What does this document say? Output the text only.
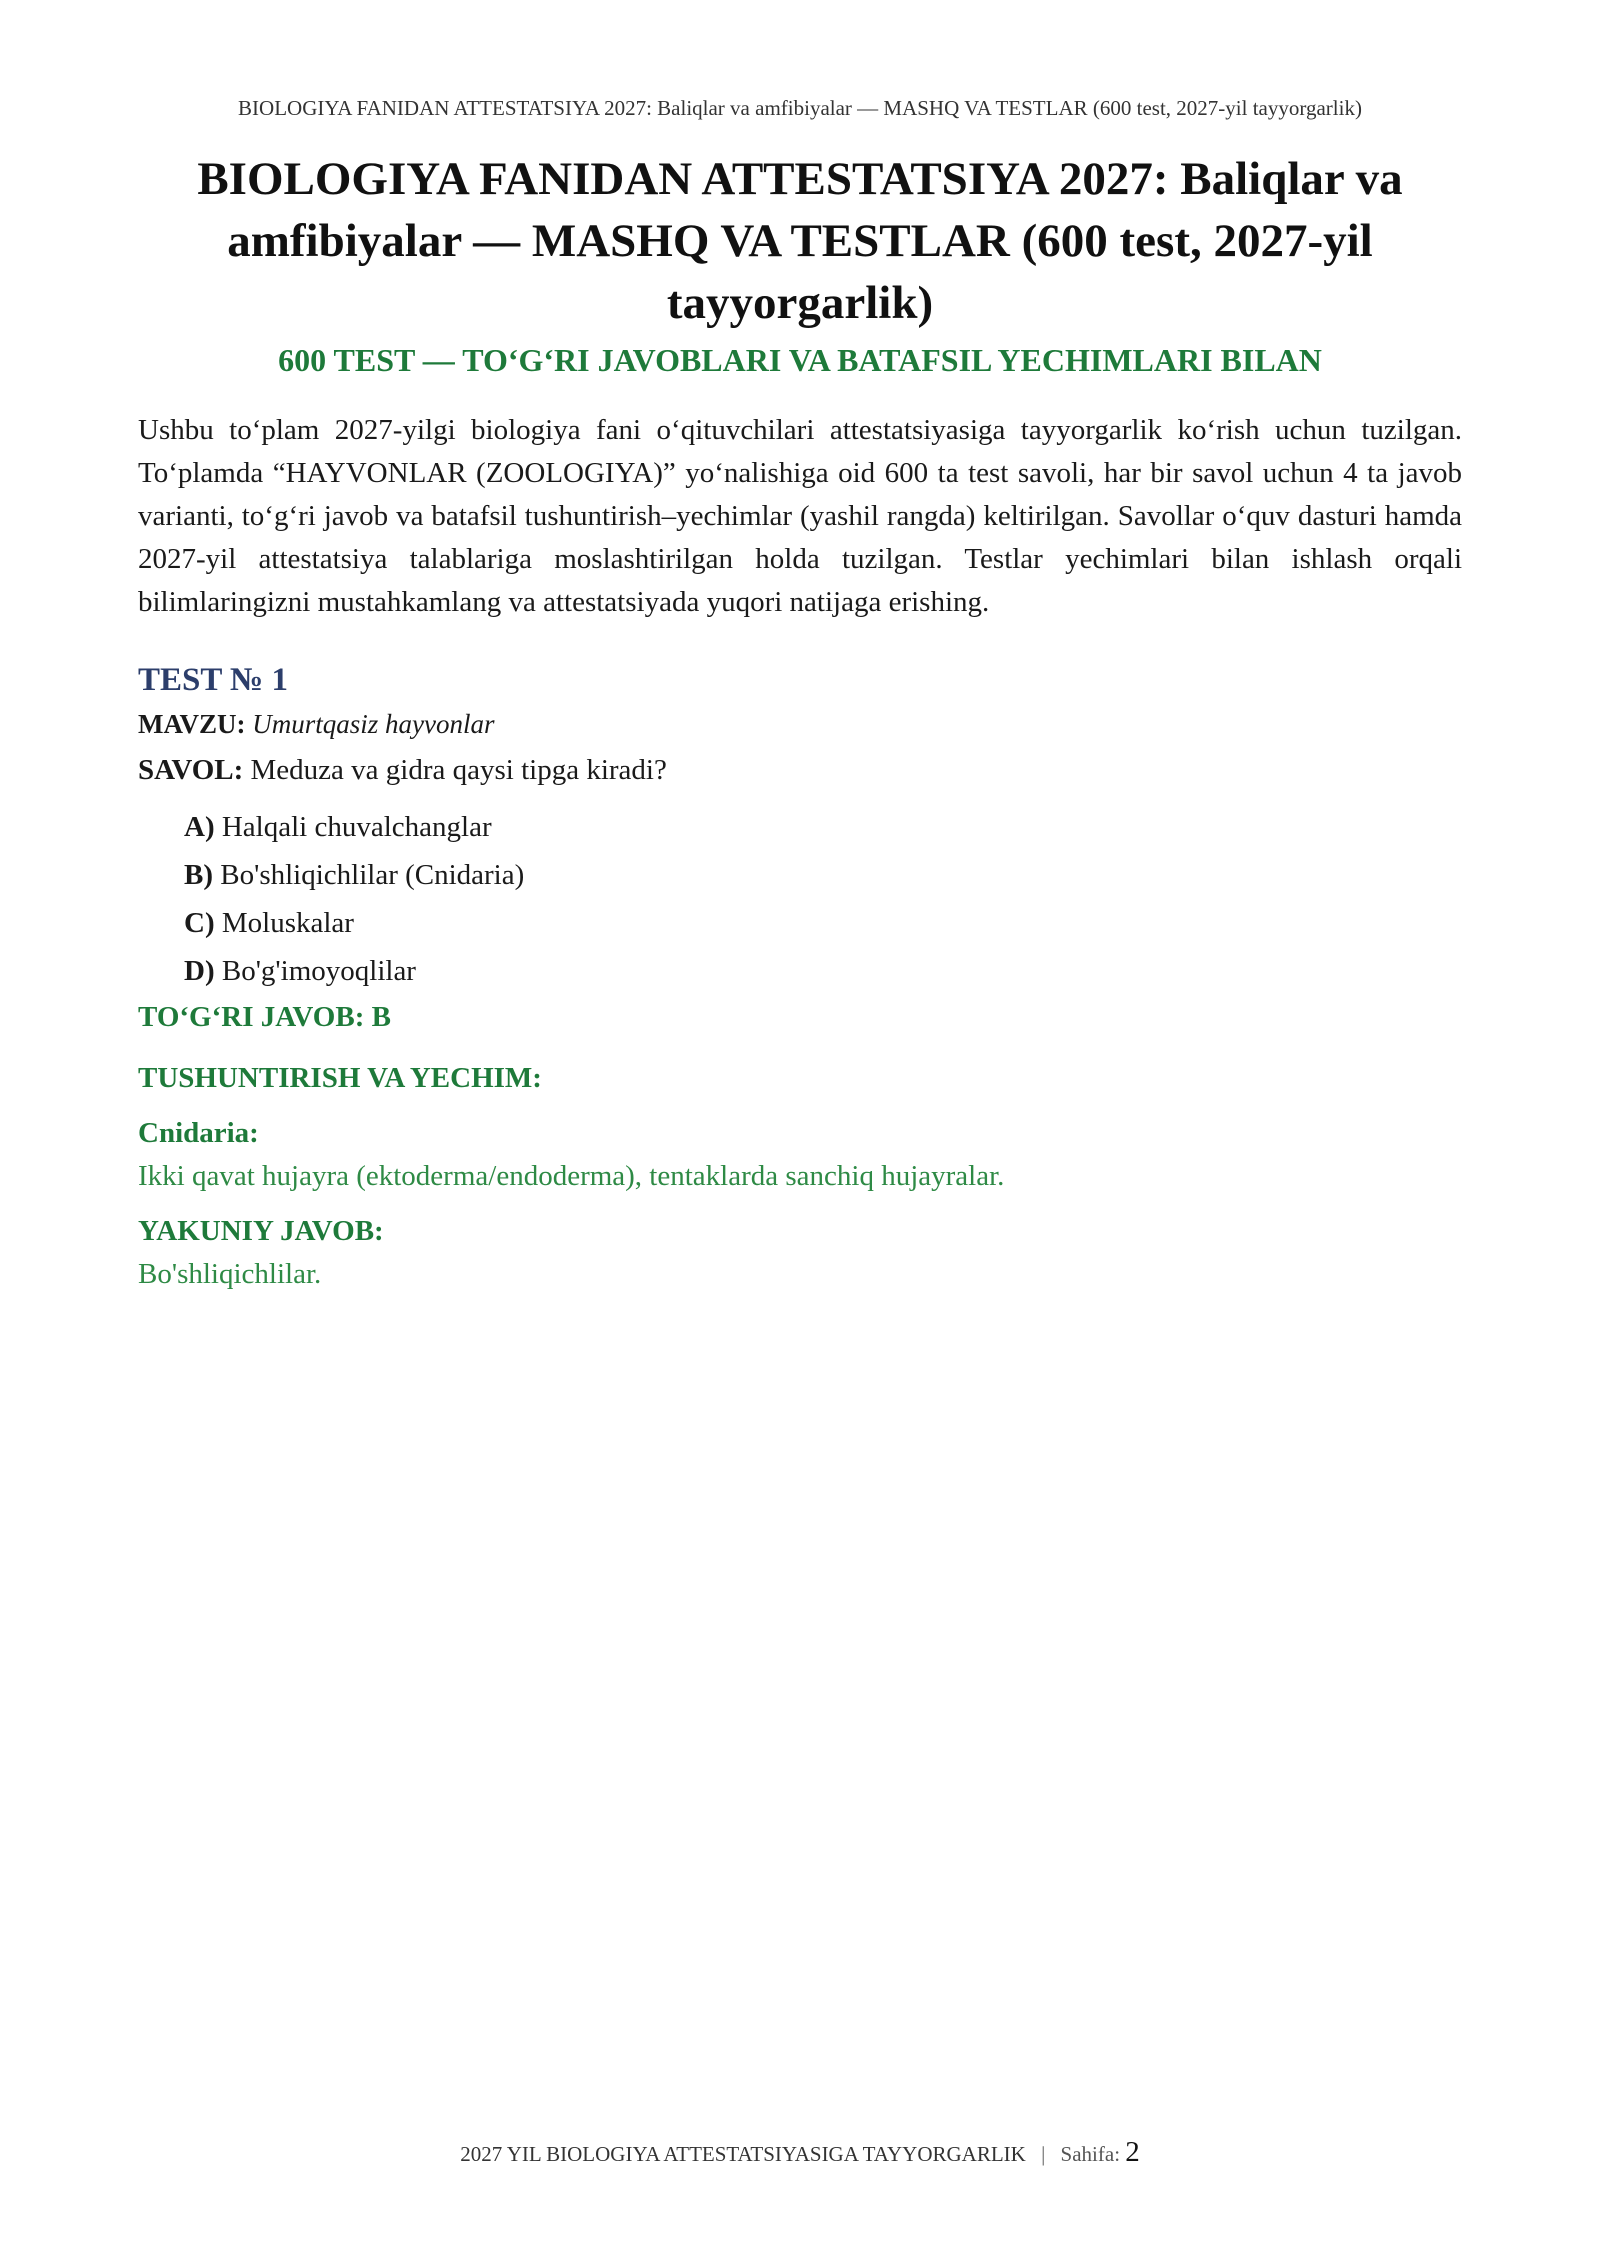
BIOLOGIYA FANIDAN ATTESTATSIYA 2027: Baliqlar va amfibiyalar — MASHQ VA TESTLAR (600 test, 2027-yil tayyorgarlik)
BIOLOGIYA FANIDAN ATTESTATSIYA 2027: Baliqlar va amfibiyalar — MASHQ VA TESTLAR (600 test, 2027-yil tayyorgarlik)
600 TEST — TO‘G‘RI JAVOBLARI VA BATAFSIL YECHIMLARI BILAN

Ushbu to‘plam 2027-yilgi biologiya fani o‘qituvchilari attestatsiyasiga tayyorgarlik ko‘rish uchun tuzilgan. To‘plamda “HAYVONLAR (ZOOLOGIYA)” yo‘nalishiga oid 600 ta test savoli, har bir savol uchun 4 ta javob varianti, to‘g‘ri javob va batafsil tushuntirish–yechimlar (yashil rangda) keltirilgan. Savollar o‘quv dasturi hamda 2027-yil attestatsiya talablariga moslashtirilgan holda tuzilgan. Testlar yechimlari bilan ishlash orqali bilimlaringizni mustahkamlang va attestatsiyada yuqori natijaga erishing.

TEST № 1
MAVZU: Umurtqasiz hayvonlar
SAVOL: Meduza va gidra qaysi tipga kiradi?
A) Halqali chuvalchanglar
B) Bo'shliqichlilar (Cnidaria)
C) Moluskalar
D) Bo'g'imoyoqlilar
TO‘G‘RI JAVOB: B
TUSHUNTIRISH VA YECHIM:
Cnidaria:
Ikki qavat hujayra (ektoderma/endoderma), tentaklarda sanchiq hujayralar.
YAKUNIY JAVOB:
Bo'shliqichlilar.
2027 YIL BIOLOGIYA ATTESTATSIYASIGA TAYYORGARLIK | Sahifa: 2
